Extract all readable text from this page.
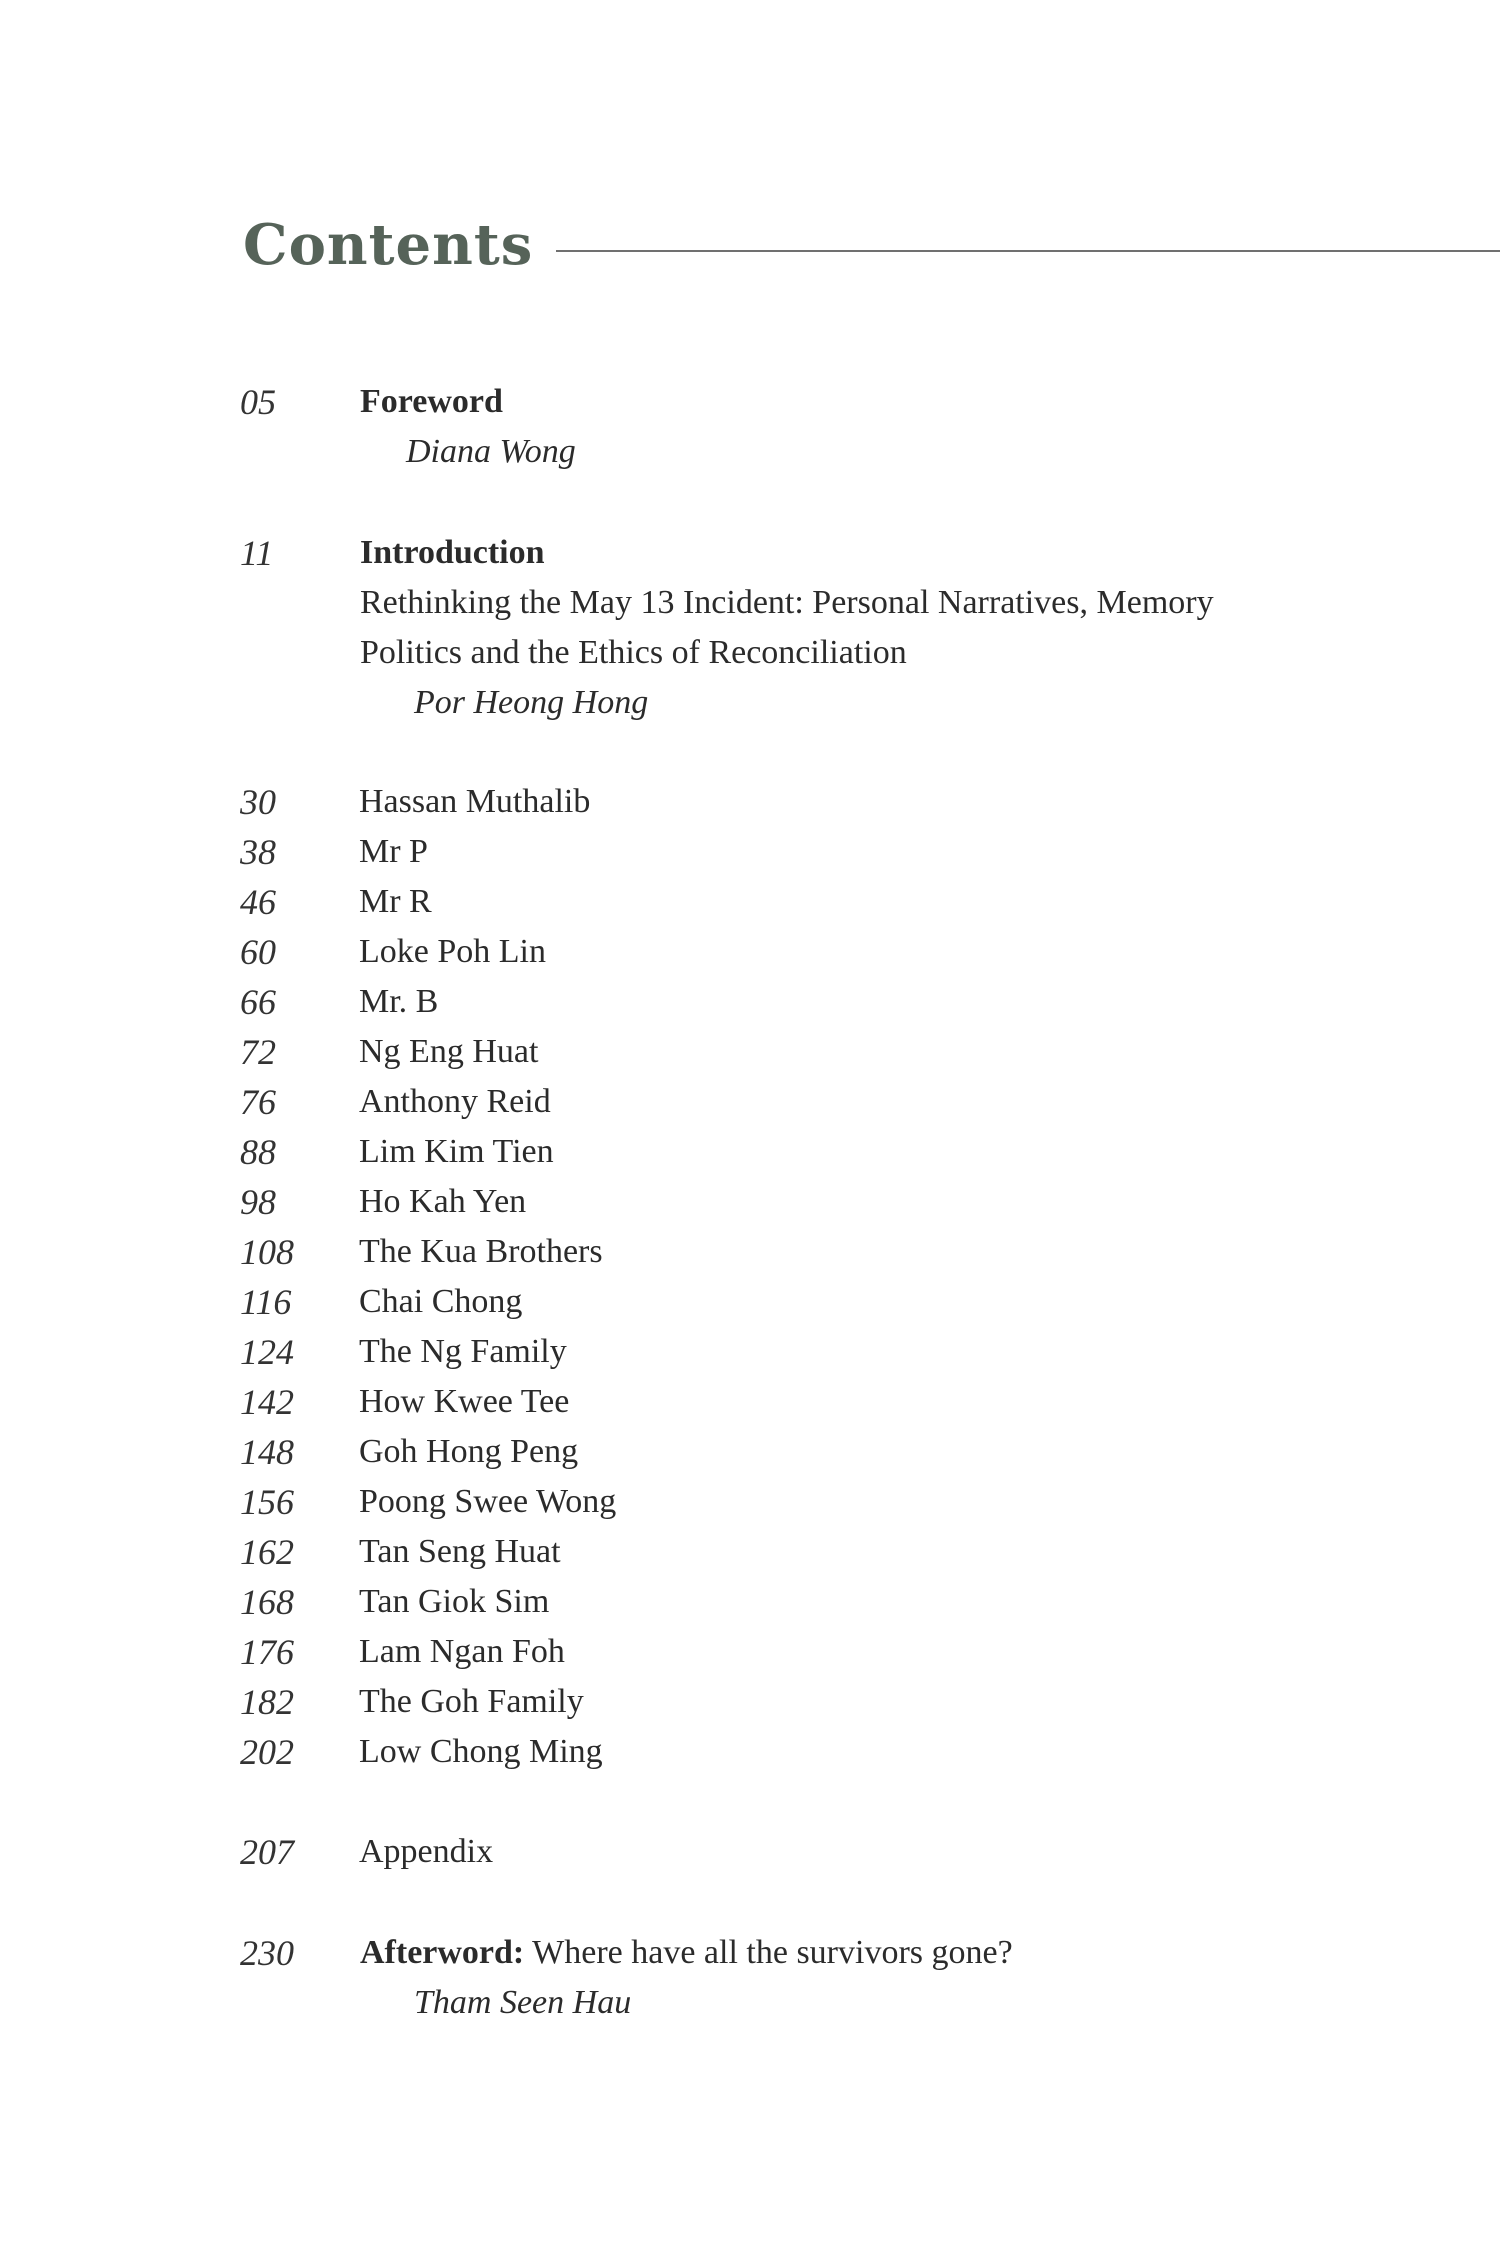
Contents
05 Foreword
Diana Wong
11	Introduction
Rethinking the May 13 Incident: Personal Narratives, Memory
Politics and the Ethics of Reconciliation
Por Heong Hong
30 Hassan Muthalib
38 Mr P
46 Mr R
60 Loke Poh Lin
66 Mr. B
72 Ng Eng Huat
76 Anthony Reid
88 Lim Kim Tien
98 Ho Kah Yen
108 The Kua Brothers
116 Chai Chong
124 The Ng Family
142 How Kwee Tee
148 Goh Hong Peng
156 Poong Swee Wong
162 Tan Seng Huat
168 Tan Giok Sim
176 Lam Ngan Foh
182 The Goh Family
202 Low Chong Ming
207 Appendix
230 Afterword: Where have all the survivors gone?
Tham Seen Hau
